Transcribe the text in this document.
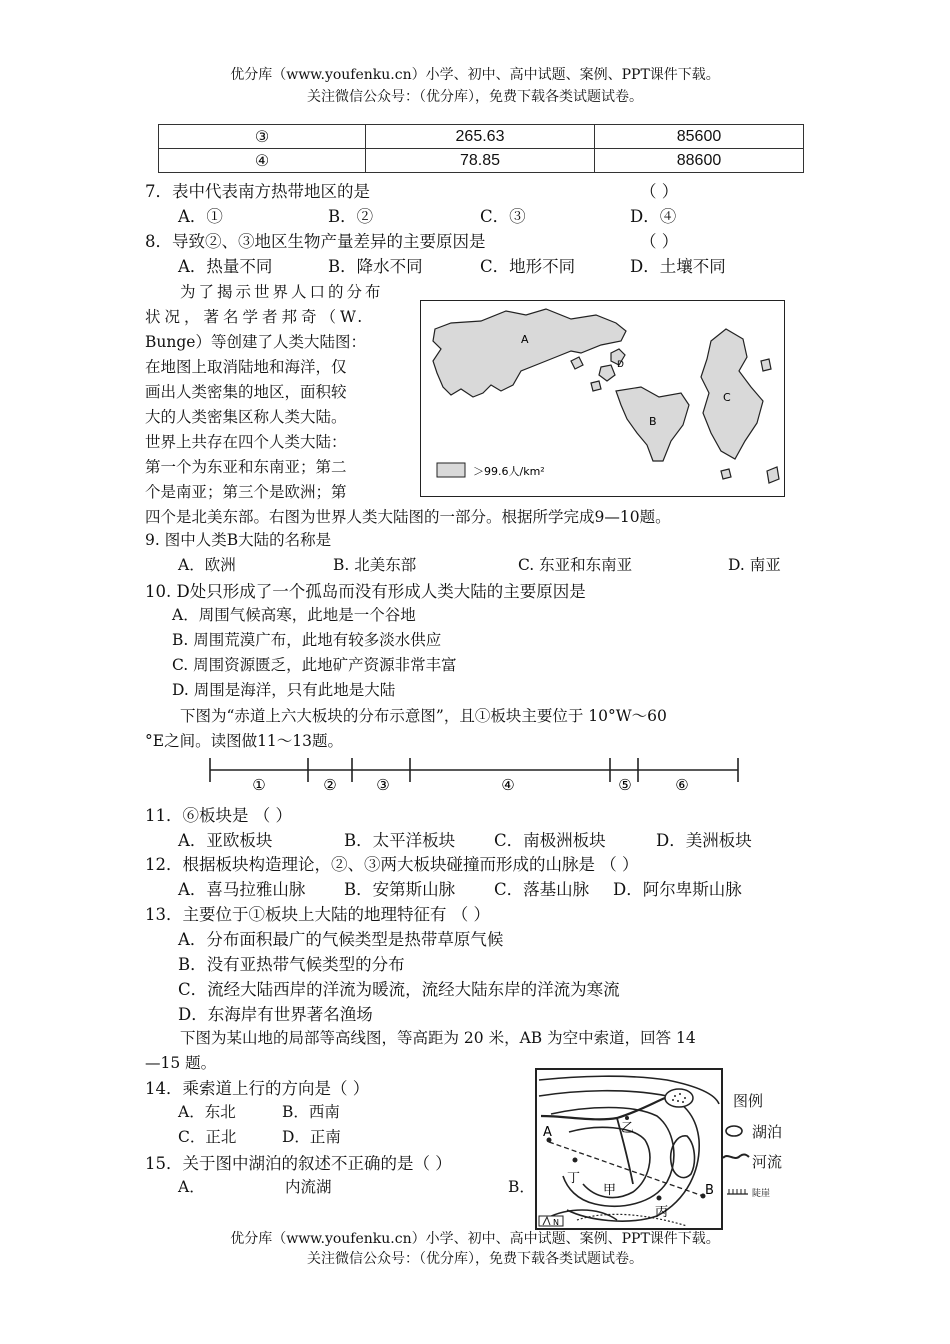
优分库（www.youfenku.cn）小学、初中、高中试题、案例、PPT课件下载。
关注微信公众号：（优分库），免费下载各类试题试卷。
③	265.63	85600
④	78.85	88600
7．表中代表南方热带地区的是	（ ）
A．①	B．②	C．③	D．④
8．导致②、③地区生物产量差异的主要原因是	（ ）
A．热量不同	B．降水不同	C．地形不同	D．土壤不同
为了揭示世界人口的分布
状况，著名学者邦奇（W.
Bunge）等创建了人类大陆图：
在地图上取消陆地和海洋，仅
画出人类密集的地区，面积较
大的人类密集区称人类大陆。
世界上共存在四个人类大陆：
第一个为东亚和东南亚；第二
个是南亚；第三个是欧洲；第
四个是北美东部。右图为世界人类大陆图的一部分。根据所学完成9—10题。
A
B
C
D
＞99.6人/km²
9. 图中人类B大陆的名称是
A．欧洲	B. 北美东部	C. 东亚和东南亚	D. 南亚
10. D处只形成了一个孤岛而没有形成人类大陆的主要原因是
A．周围气候高寒，此地是一个谷地
B. 周围荒漠广布，此地有较多淡水供应
C. 周围资源匮乏，此地矿产资源非常丰富
D. 周围是海洋，只有此地是大陆
下图为“赤道上六大板块的分布示意图”，且①板块主要位于 10°W～60
°E之间。读图做11～13题。
①	②	③	④	⑤	⑥
11．⑥板块是 （ ）
A．亚欧板块	B．太平洋板块 C．南极洲板块	D．美洲板块
12．根据板块构造理论，②、③两大板块碰撞而形成的山脉是 （ ）
A．喜马拉雅山脉 B．安第斯山脉 C．落基山脉 D．阿尔卑斯山脉
13．主要位于①板块上大陆的地理特征有 （ ）
A．分布面积最广的气候类型是热带草原气候
B．没有亚热带气候类型的分布
C．流经大陆西岸的洋流为暖流，流经大陆东岸的洋流为寒流
D．东海岸有世界著名渔场
下图为某山地的局部等高线图，等高距为 20 米，AB 为空中索道，回答 14
—15 题。
14．乘索道上行的方向是（ ）
A．东北	B．西南
C．正北	D．正南
15．关于图中湖泊的叙述不正确的是（ ）
A．	内流湖	B．
A	乙
丁
甲
丙
B
N
图例
湖泊
河流
陡崖
优分库（www.youfenku.cn）小学、初中、高中试题、案例、PPT课件下载。
关注微信公众号：（优分库），免费下载各类试题试卷。
